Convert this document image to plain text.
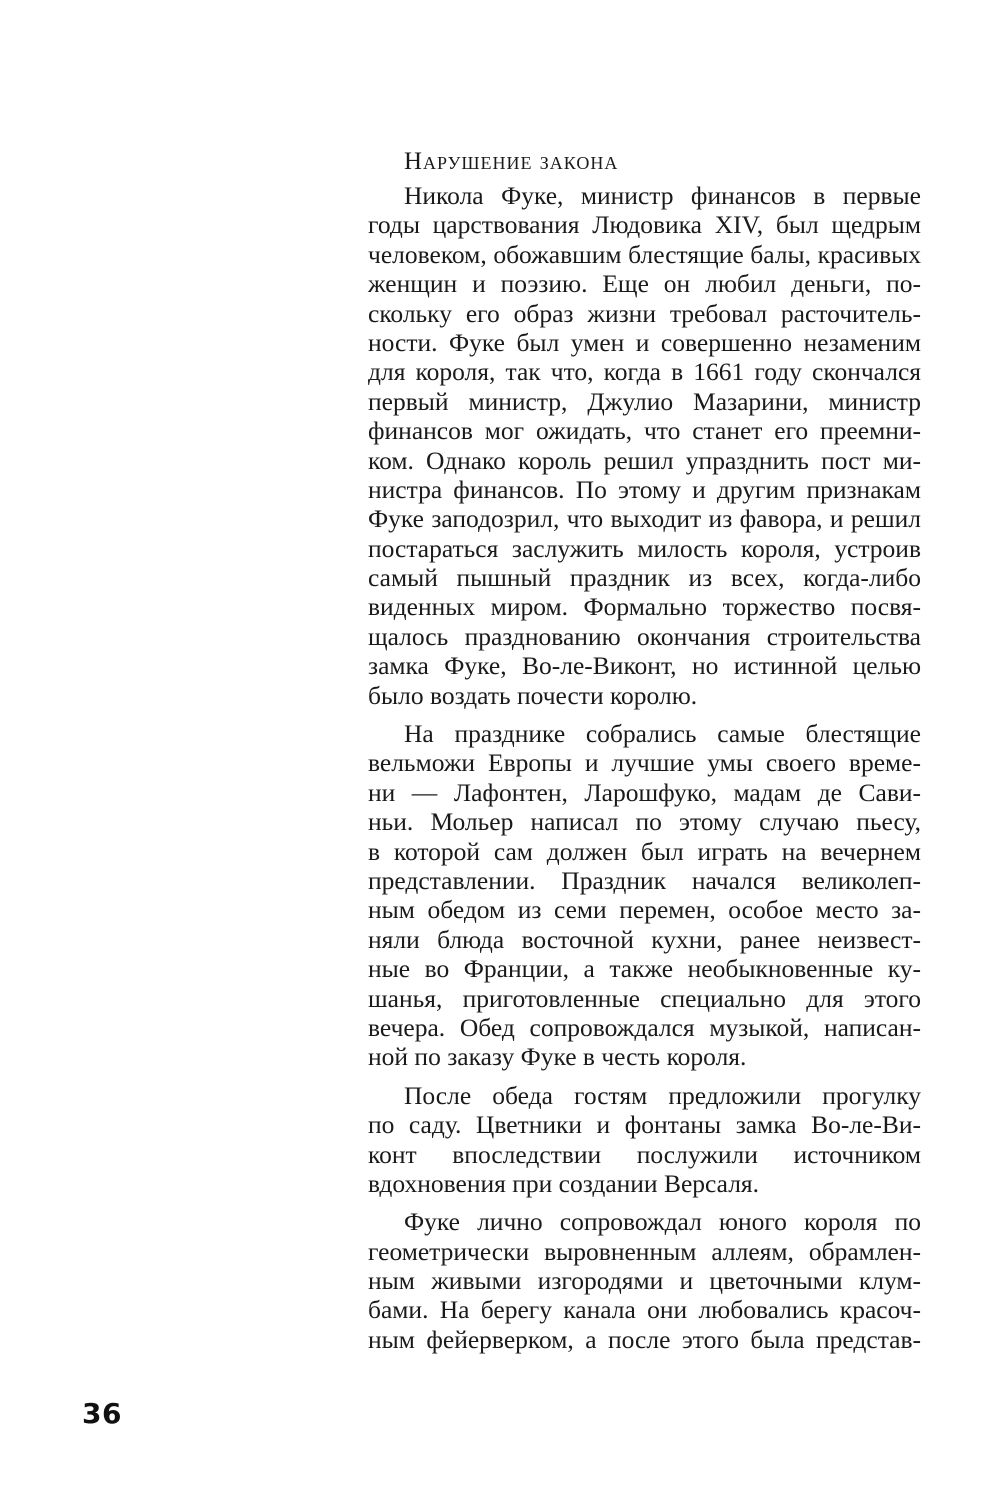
Нарушение закона
Никола Фуке, министр финансов в первые
годы царствования Людовика XIV, был щедрым
человеком, обожавшим блестящие балы, красивых
женщин и поэзию. Еще он любил деньги, по-
скольку его образ жизни требовал расточитель-
ности. Фуке был умен и совершенно незаменим
для короля, так что, когда в 1661 году скончался
первый министр, Джулио Мазарини, министр
финансов мог ожидать, что станет его преемни-
ком. Однако король решил упразднить пост ми-
нистра финансов. По этому и другим признакам
Фуке заподозрил, что выходит из фавора, и решил
постараться заслужить милость короля, устроив
самый пышный праздник из всех, когда-либо
виденных миром. Формально торжество посвя-
щалось празднованию окончания строительства
замка Фуке, Во-ле-Виконт, но истинной целью
было воздать почести королю.
На празднике собрались самые блестящие
вельможи Европы и лучшие умы своего време-
ни — Лафонтен, Ларошфуко, мадам де Сави-
ньи. Мольер написал по этому случаю пьесу,
в которой сам должен был играть на вечернем
представлении. Праздник начался великолеп-
ным обедом из семи перемен, особое место за-
няли блюда восточной кухни, ранее неизвест-
ные во Франции, а также необыкновенные ку-
шанья, приготовленные специально для этого
вечера. Обед сопровождался музыкой, написан-
ной по заказу Фуке в честь короля.
После обеда гостям предложили прогулку
по саду. Цветники и фонтаны замка Во-ле-Ви-
конт впоследствии послужили источником
вдохновения при создании Версаля.
Фуке лично сопровождал юного короля по
геометрически выровненным аллеям, обрамлен-
ным живыми изгородями и цветочными клум-
бами. На берегу канала они любовались красоч-
ным фейерверком, а после этого была представ-
36
